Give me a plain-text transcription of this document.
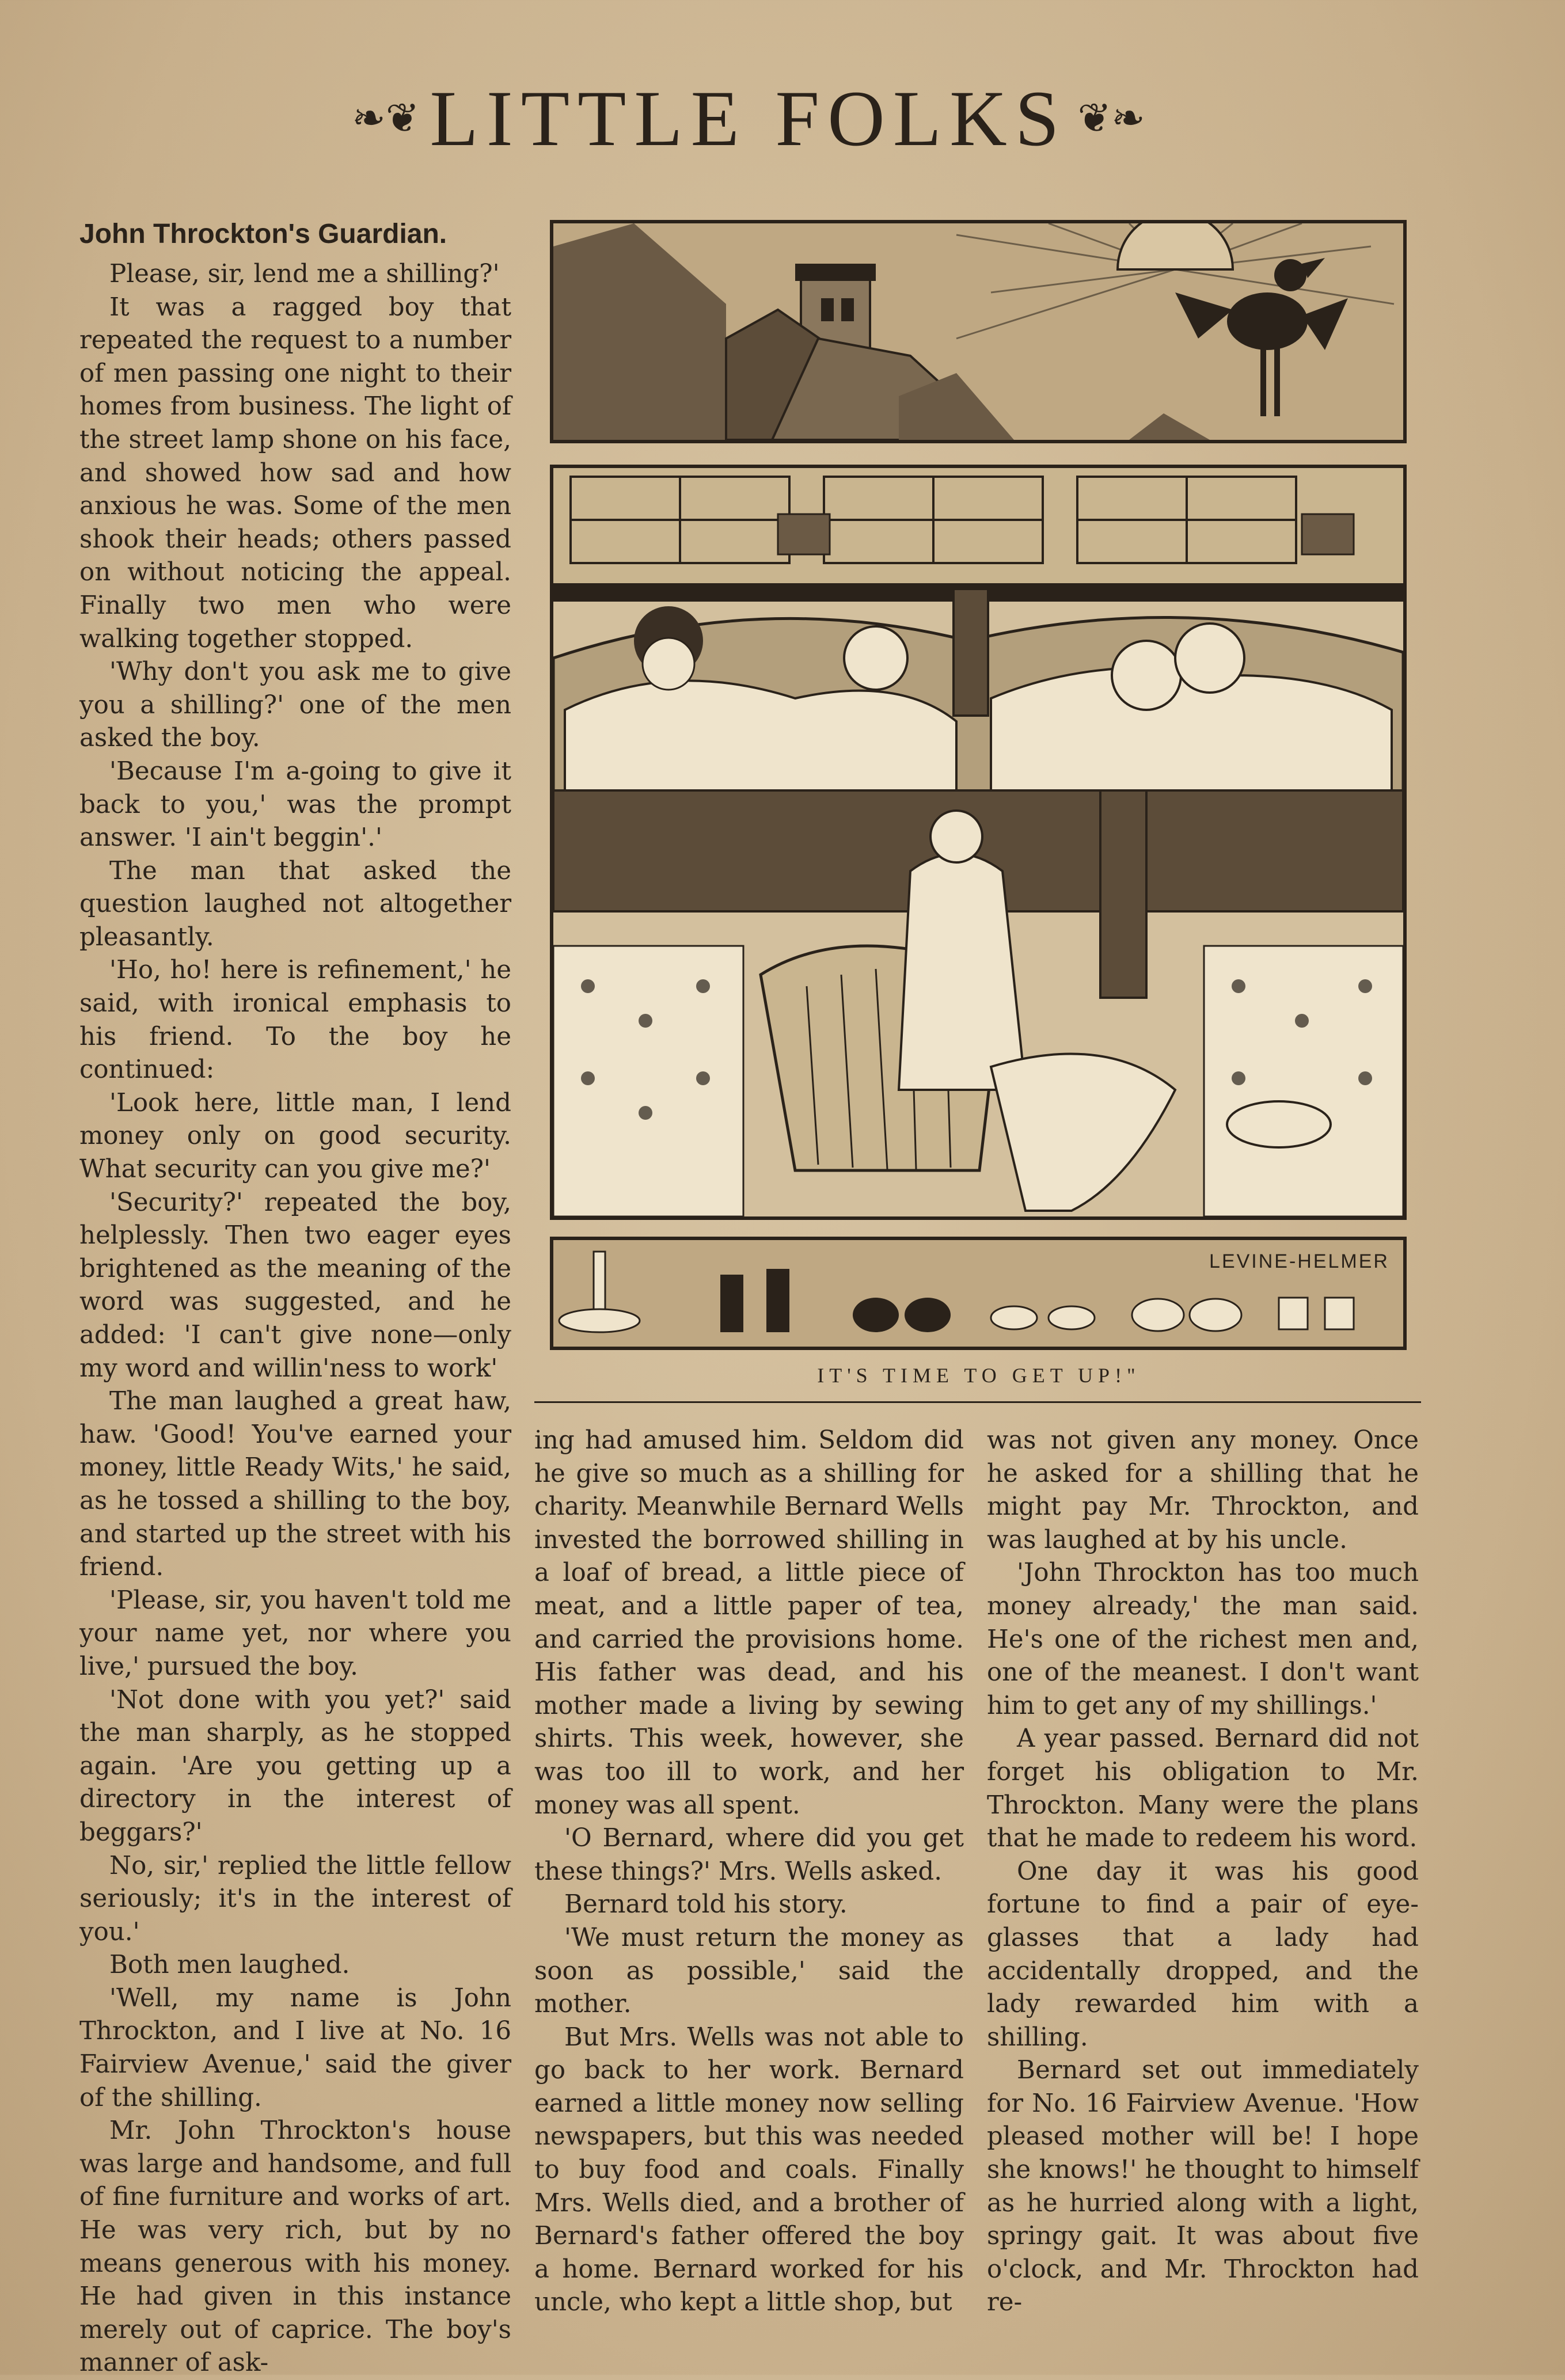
❧❦ LITTLE FOLKS ❦❧
John Throckton's Guardian.

Please, sir, lend me a shilling?'

It was a ragged boy that repeated the request to a number of men passing one night to their homes from business. The light of the street lamp shone on his face, and showed how sad and how anxious he was. Some of the men shook their heads; others passed on without noticing the appeal. Finally two men who were walking together stopped.

'Why don't you ask me to give you a shilling?' one of the men asked the boy.

'Because I'm a-going to give it back to you,' was the prompt answer. 'I ain't beggin'.'

The man that asked the question laughed not altogether pleasantly.

'Ho, ho! here is refinement,' he said, with ironical emphasis to his friend. To the boy he continued:

'Look here, little man, I lend money only on good security. What security can you give me?'

'Security?' repeated the boy, helplessly. Then two eager eyes brightened as the meaning of the word was suggested, and he added: 'I can't give none—only my word and willin'ness to work'

The man laughed a great haw, haw. 'Good! You've earned your money, little Ready Wits,' he said, as he tossed a shilling to the boy, and started up the street with his friend.

'Please, sir, you haven't told me your name yet, nor where you live,' pursued the boy.

'Not done with you yet?' said the man sharply, as he stopped again. 'Are you getting up a directory in the interest of beggars?'

No, sir,' replied the little fellow seriously; it's in the interest of you.'

Both men laughed.

'Well, my name is John Throckton, and I live at No. 16 Fairview Avenue,' said the giver of the shilling.

Mr. John Throckton's house was large and handsome, and full of fine furniture and works of art. He was very rich, but by no means generous with his money. He had given in this instance merely out of caprice. The boy's manner of ask-

LEVINE-HELMER
IT'S TIME TO GET UP!"

ing had amused him. Seldom did he give so much as a shilling for charity. Meanwhile Bernard Wells invested the borrowed shilling in a loaf of bread, a little piece of meat, and a little paper of tea, and carried the provisions home. His father was dead, and his mother made a living by sewing shirts. This week, however, she was too ill to work, and her money was all spent.

'O Bernard, where did you get these things?' Mrs. Wells asked.

Bernard told his story.

'We must return the money as soon as possible,' said the mother.

But Mrs. Wells was not able to go back to her work. Bernard earned a little money now selling newspapers, but this was needed to buy food and coals. Finally Mrs. Wells died, and a brother of Bernard's father offered the boy a home. Bernard worked for his uncle, who kept a little shop, but

was not given any money. Once he asked for a shilling that he might pay Mr. Throckton, and was laughed at by his uncle.

'John Throckton has too much money already,' the man said. He's one of the richest men and, one of the meanest. I don't want him to get any of my shillings.'

A year passed. Bernard did not forget his obligation to Mr. Throckton. Many were the plans that he made to redeem his word.

One day it was his good fortune to find a pair of eye-glasses that a lady had accidentally dropped, and the lady rewarded him with a shilling.

Bernard set out immediately for No. 16 Fairview Avenue. 'How pleased mother will be! I hope she knows!' he thought to himself as he hurried along with a light, springy gait. It was about five o'clock, and Mr. Throckton had re-
